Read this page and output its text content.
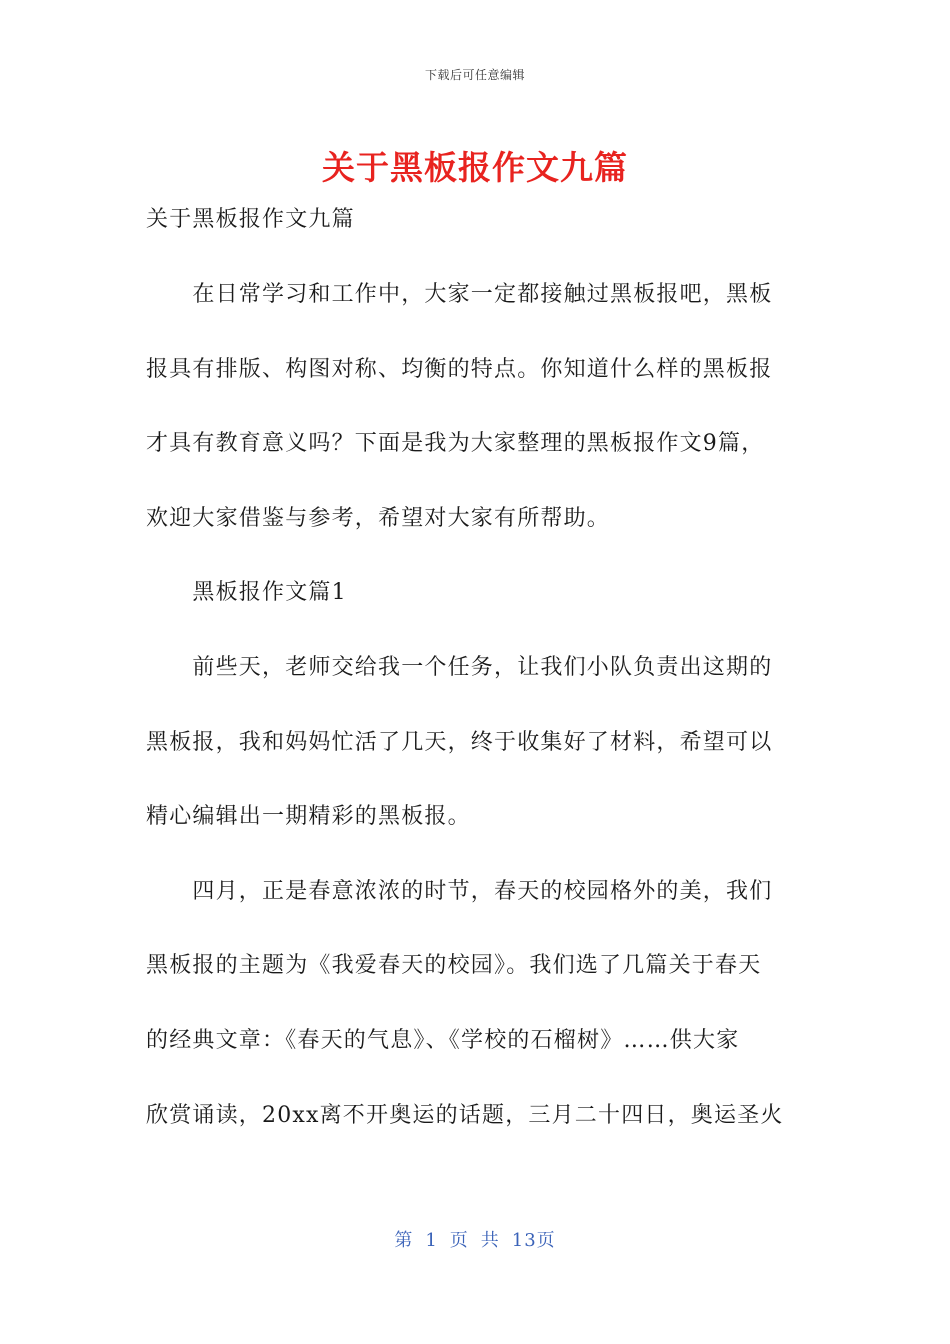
下载后可任意编辑
关于黑板报作文九篇
关于黑板报作文九篇
　　在日常学习和工作中，大家一定都接触过黑板报吧，黑板
报具有排版、构图对称、均衡的特点。你知道什么样的黑板报
才具有教育意义吗？下面是我为大家整理的黑板报作文9篇，
欢迎大家借鉴与参考，希望对大家有所帮助。
　　黑板报作文篇1
　　前些天，老师交给我一个任务，让我们小队负责出这期的
黑板报，我和妈妈忙活了几天，终于收集好了材料，希望可以
精心编辑出一期精彩的黑板报。
　　四月，正是春意浓浓的时节，春天的校园格外的美，我们
黑板报的主题为《我爱春天的校园》。我们选了几篇关于春天
的经典文章：《春天的气息》、《学校的石榴树》……供大家
欣赏诵读，20xx离不开奥运的话题，三月二十四日，奥运圣火
第 1 页 共 13页
